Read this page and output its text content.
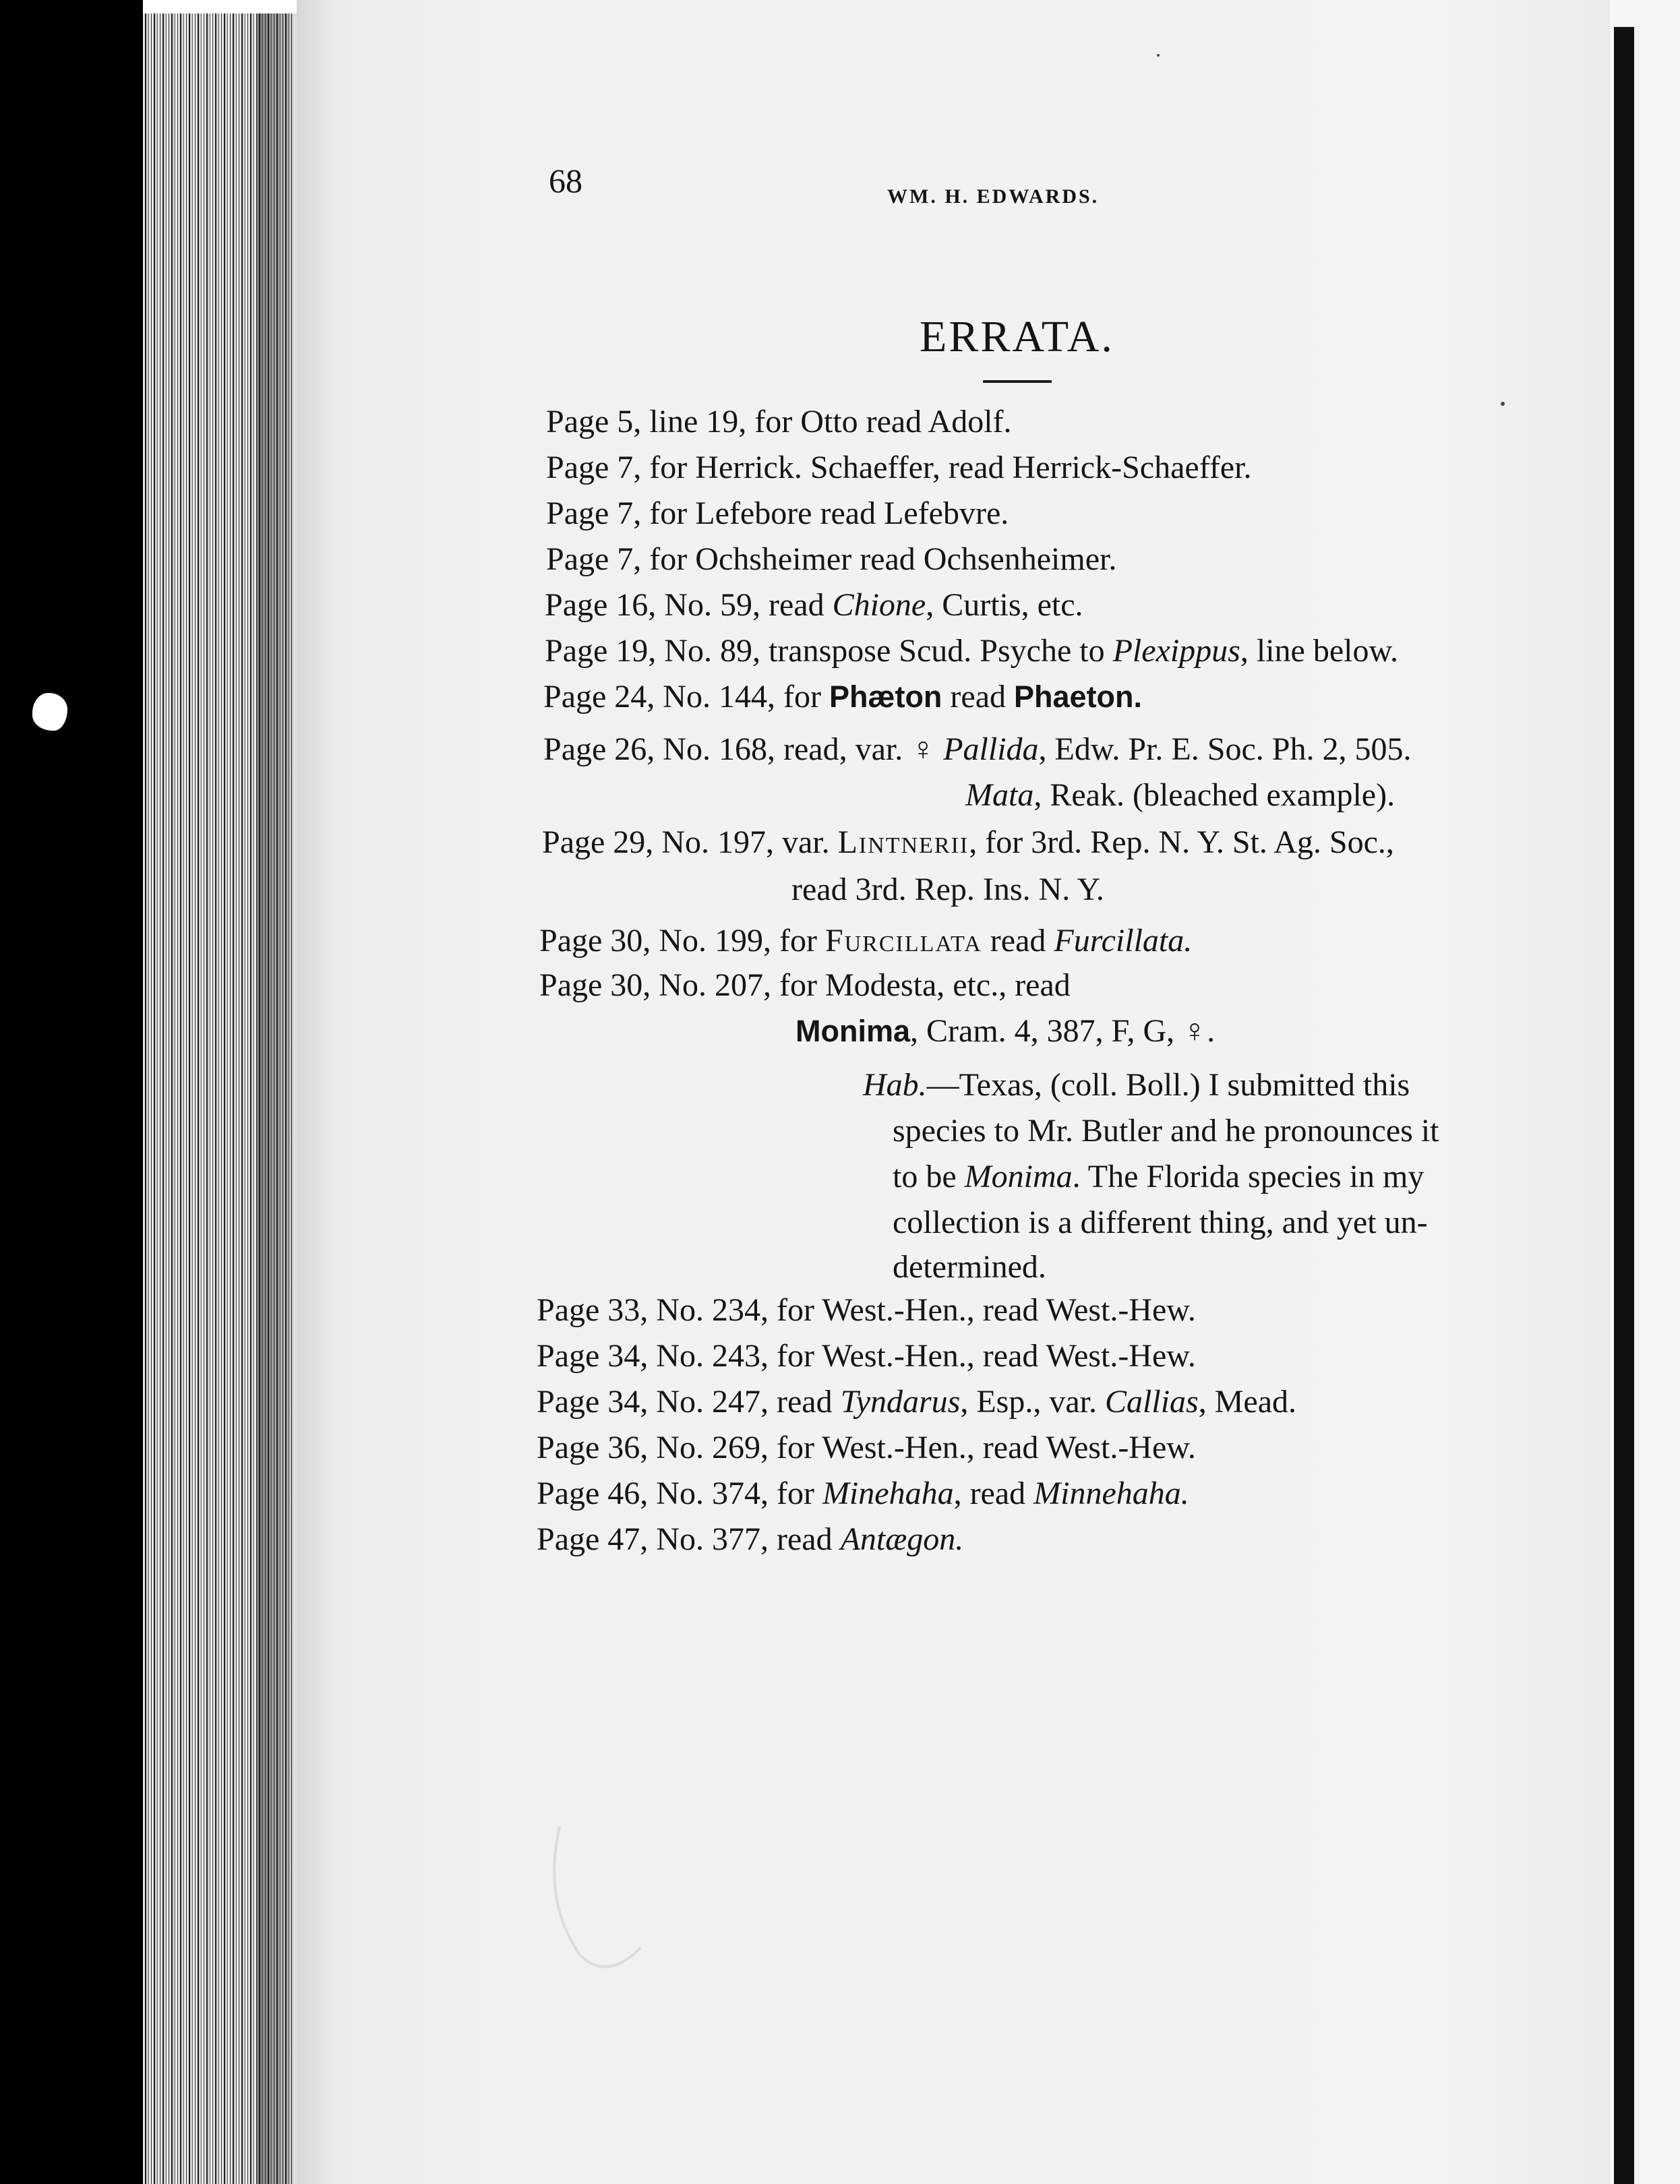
68	WM. H. EDWARDS.
ERRATA.
Page 5, line 19, for Otto read Adolf.
Page 7, for Herrick. Schaeffer, read Herrick-Schaeffer.
Page 7, for Lefebore read Lefebvre.
Page 7, for Ochsheimer read Ochsenheimer.
Page 16, No. 59, read Chione, Curtis, etc.
Page 19, No. 89, transpose Scud. Psyche to Plexippus, line below.
Page 24, No. 144, for Phæton read Phaeton.
Page 26, No. 168, read, var. ♀ Pallida, Edw. Pr. E. Soc. Ph. 2, 505.
Mata, Reak. (bleached example).
Page 29, No. 197, var. Lintnerii, for 3rd. Rep. N. Y. St. Ag. Soc.,
read 3rd. Rep. Ins. N. Y.
Page 30, No. 199, for Furcillata read Furcillata.
Page 30, No. 207, for Modesta, etc., read
Monima, Cram. 4, 387, F, G, ♀.
Hab.—Texas, (coll. Boll.) I submitted this
species to Mr. Butler and he pronounces it
to be Monima. The Florida species in my
collection is a different thing, and yet un-
determined.
Page 33, No. 234, for West.-Hen., read West.-Hew.
Page 34, No. 243, for West.-Hen., read West.-Hew.
Page 34, No. 247, read Tyndarus, Esp., var. Callias, Mead.
Page 36, No. 269, for West.-Hen., read West.-Hew.
Page 46, No. 374, for Minehaha, read Minnehaha.
Page 47, No. 377, read Antægon.
